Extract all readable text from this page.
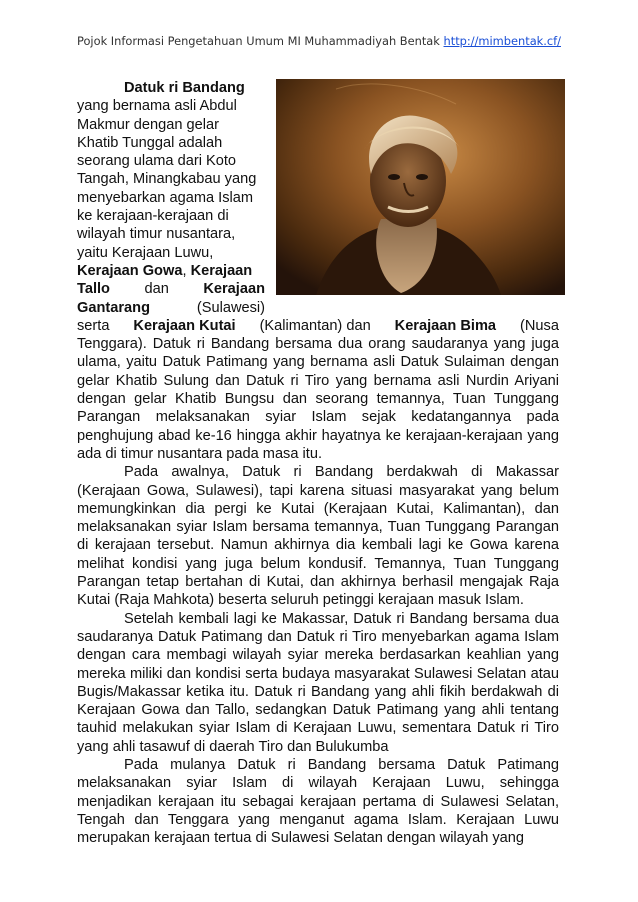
Pojok Informasi Pengetahuan Umum MI Muhammadiyah Bentak http://mimbentak.cf/

Datuk ri Bandang

yang bernama asli Abdul

Makmur dengan gelar

Khatib Tunggal adalah

seorang ulama dari Koto

Tangah, Minangkabau yang

menyebarkan agama Islam

ke kerajaan-kerajaan di

wilayah timur nusantara,

yaitu Kerajaan Luwu,

Kerajaan Gowa, Kerajaan

Tallo dan Kerajaan

Gantarang	(Sulawesi)

serta Kerajaan Kutai (Kalimantan) dan Kerajaan Bima (Nusa

Tenggara). Datuk ri Bandang bersama dua orang saudaranya yang juga ulama, yaitu Datuk Patimang yang bernama asli Datuk Sulaiman dengan gelar Khatib Sulung dan Datuk ri Tiro yang bernama asli Nurdin Ariyani dengan gelar Khatib Bungsu dan seorang temannya, Tuan Tunggang Parangan melaksanakan syiar Islam sejak kedatangannya pada penghujung abad ke-16 hingga akhir hayatnya ke kerajaan-kerajaan yang ada di timur nusantara pada masa itu.

Pada awalnya, Datuk ri Bandang berdakwah di Makassar (Kerajaan Gowa, Sulawesi), tapi karena situasi masyarakat yang belum memungkinkan dia pergi ke Kutai (Kerajaan Kutai, Kalimantan), dan melaksanakan syiar Islam bersama temannya, Tuan Tunggang Parangan di kerajaan tersebut. Namun akhirnya dia kembali lagi ke Gowa karena melihat kondisi yang juga belum kondusif. Temannya, Tuan Tunggang Parangan tetap bertahan di Kutai, dan akhirnya berhasil mengajak Raja Kutai (Raja Mahkota) beserta seluruh petinggi kerajaan masuk Islam.

Setelah kembali lagi ke Makassar, Datuk ri Bandang bersama dua saudaranya Datuk Patimang dan Datuk ri Tiro menyebarkan agama Islam dengan cara membagi wilayah syiar mereka berdasarkan keahlian yang mereka miliki dan kondisi serta budaya masyarakat Sulawesi Selatan atau Bugis/Makassar ketika itu. Datuk ri Bandang yang ahli fikih berdakwah di Kerajaan Gowa dan Tallo, sedangkan Datuk Patimang yang ahli tentang tauhid melakukan syiar Islam di Kerajaan Luwu, sementara Datuk ri Tiro yang ahli tasawuf di daerah Tiro dan Bulukumba

Pada mulanya Datuk ri Bandang bersama Datuk Patimang melaksanakan syiar Islam di wilayah Kerajaan Luwu, sehingga menjadikan kerajaan itu sebagai kerajaan pertama di Sulawesi Selatan, Tengah dan Tenggara yang menganut agama Islam. Kerajaan Luwu merupakan kerajaan tertua di Sulawesi Selatan dengan wilayah yang
